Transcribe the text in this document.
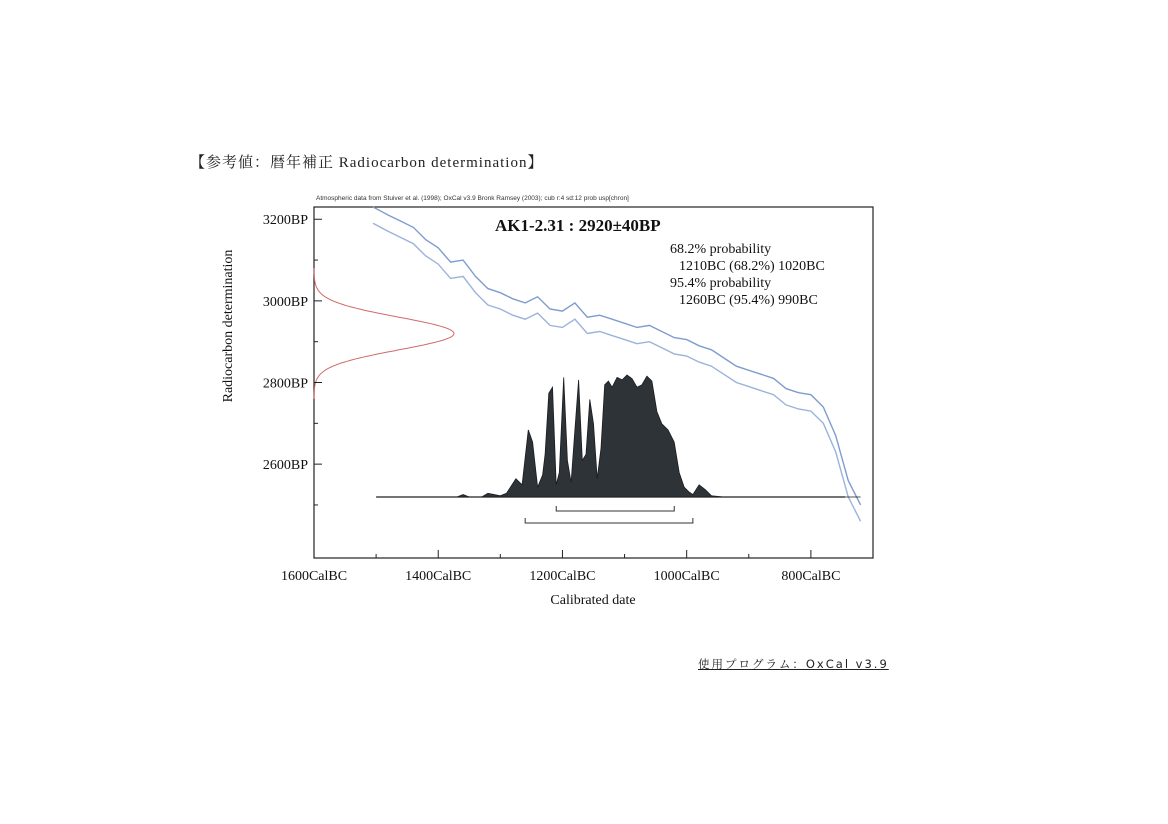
【参考値：暦年補正 Radiocarbon determination】
Atmospheric data from Stuiver et al. (1998); OxCal v3.9 Bronk Ramsey (2003); cub r:4 sd:12 prob usp[chron]
3200BP
3000BP
2800BP
2600BP
1600CalBC	1400CalBC	1200CalBC	1000CalBC	800CalBC
AK1-2.31 : 2920±40BP
68.2% probability
1210BC (68.2%) 1020BC
95.4% probability
1260BC (95.4%) 990BC
Calibrated date
Radiocarbon determination
使用プログラム：OxCal v3.9
